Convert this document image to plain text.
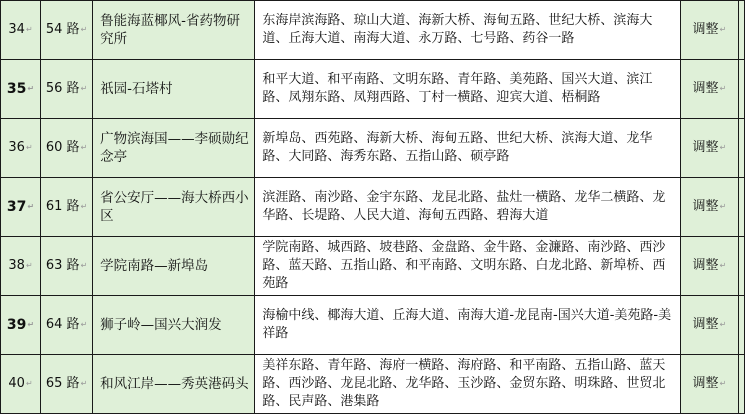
34↵	54 路↵	鲁能海蓝椰风-省药物研究所	东海岸滨海路、琼山大道、海新大桥、海甸五路、世纪大桥、滨海大道、丘海大道、南海大道、永万路、七号路、药谷一路	调整↵	
35↵	56 路↵	祇园-石塔村	和平大道、和平南路、文明东路、青年路、美苑路、国兴大道、滨江路、凤翔东路、凤翔西路、丁村一横路、迎宾大道、梧桐路	调整↵	
36↵	60 路↵	广物滨海国——李硕勋纪念亭	新埠岛、西苑路、海新大桥、海甸五路、世纪大桥、滨海大道、龙华路、大同路、海秀东路、五指山路、硕亭路	调整↵	
37↵	61 路↵	省公安厅——海大桥西小区	滨涯路、南沙路、金宇东路、龙昆北路、盐灶一横路、龙华二横路、龙华路、长堤路、人民大道、海甸五西路、碧海大道	调整↵	
38↵	63 路↵	学院南路—新埠岛	学院南路、城西路、坡巷路、金盘路、金牛路、金濂路、南沙路、西沙路、蓝天路、五指山路、和平南路、文明东路、白龙北路、新埠桥、西苑路	调整↵	
39↵	64 路↵	狮子岭—国兴大润发	海榆中线、椰海大道、丘海大道、南海大道-龙昆南-国兴大道-美苑路-美祥路	调整↵	
40↵	65 路↵	和风江岸——秀英港码头	美祥东路、青年路、海府一横路、海府路、和平南路、五指山路、蓝天路、西沙路、龙昆北路、龙华路、玉沙路、金贸东路、明珠路、世贸北路、民声路、港集路	调整↵	
